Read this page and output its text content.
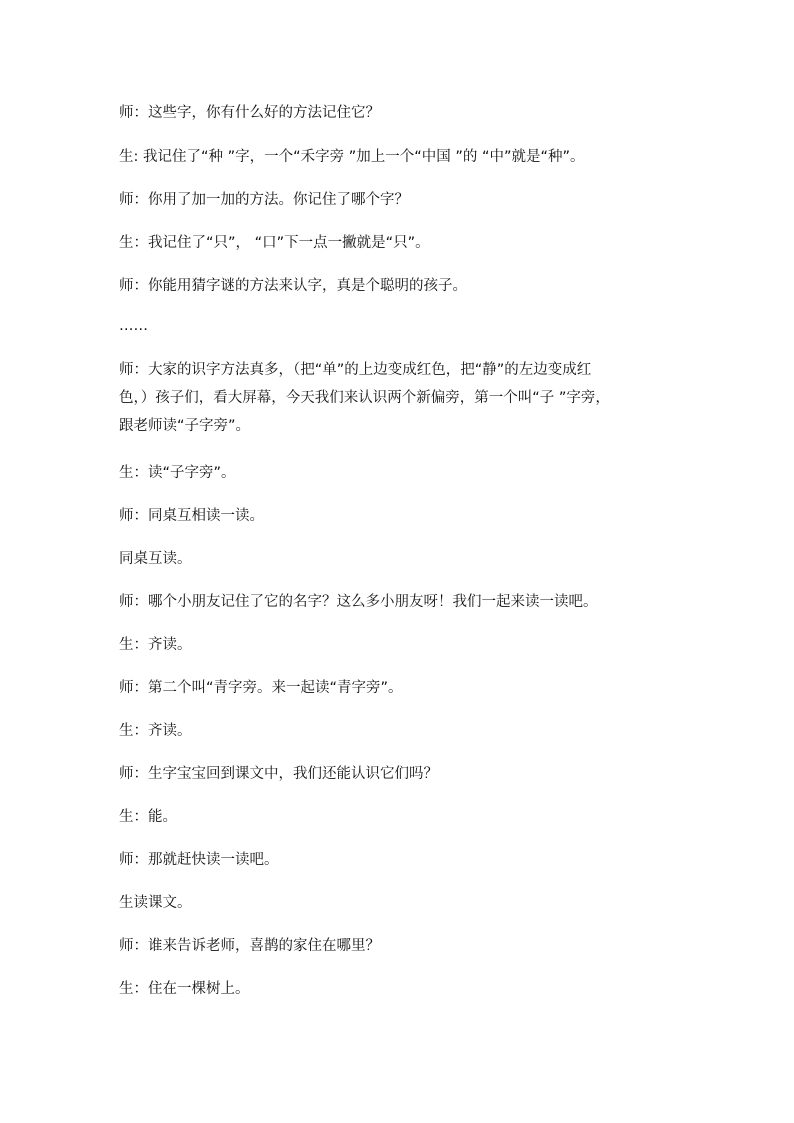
师：这些字，你有什么好的方法记住它？

生: 我记住了“种 ”字，一个“禾字旁 ”加上一个“中国 ”的 “中”就是“种”。

师：你用了加一加的方法。你记住了哪个字？

生：我记住了“只”， “口”下一点一撇就是“只”。

师：你能用猜字谜的方法来认字，真是个聪明的孩子。

……

师：大家的识字方法真多，（把“单”的上边变成红色，把“静”的左边变成红
色，）孩子们，看大屏幕，今天我们来认识两个新偏旁，第一个叫“子 ”字旁，
跟老师读“子字旁”。

生：读“子字旁”。

师：同桌互相读一读。

同桌互读。

师：哪个小朋友记住了它的名字？这么多小朋友呀！我们一起来读一读吧。

生：齐读。

师：第二个叫“青字旁。来一起读“青字旁”。

生：齐读。

师：生字宝宝回到课文中，我们还能认识它们吗？

生：能。

师：那就赶快读一读吧。

生读课文。

师：谁来告诉老师，喜鹊的家住在哪里？

生：住在一棵树上。
